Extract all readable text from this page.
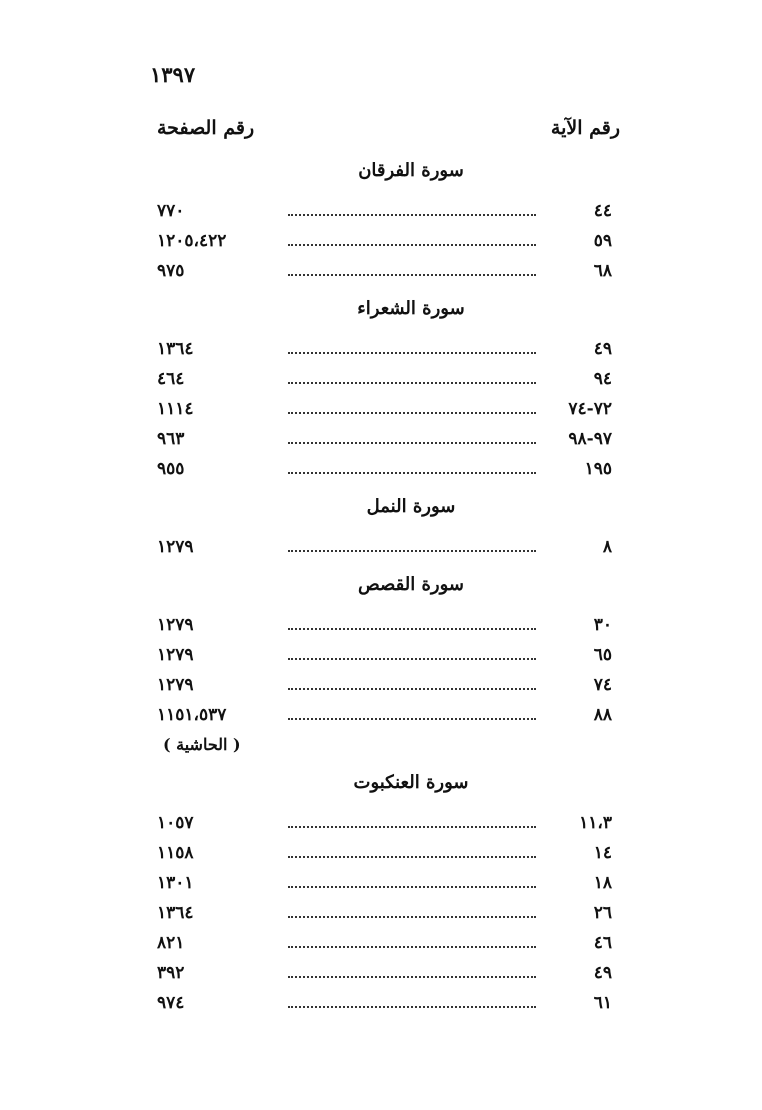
١٣٩٧
رقم الآية
رقم الصفحة
سورة الفرقان
٤٤
٧٧٠
٥٩
١٢٠٥،٤٢٢
٦٨
٩٧٥
سورة الشعراء
٤٩
١٣٦٤
٩٤
٤٦٤
٧٢-٧٤
١١١٤
٩٧-٩٨
٩٦٣
١٩٥
٩٥٥
سورة النمل
٨
١٢٧٩
سورة القصص
٣٠
١٢٧٩
٦٥
١٢٧٩
٧٤
١٢٧٩
٨٨
١١٥١،٥٣٧
( الحاشية )
سورة العنكبوت
١١،٣
١٠٥٧
١٤
١١٥٨
١٨
١٣٠١
٢٦
١٣٦٤
٤٦
٨٢١
٤٩
٣٩٢
٦١
٩٧٤
